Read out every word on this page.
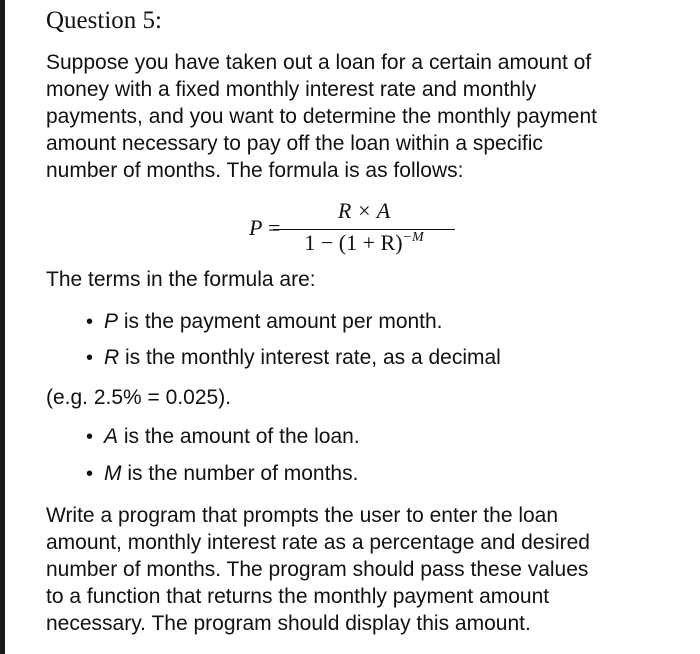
Question 5:

Suppose you have taken out a loan for a certain amount of
money with a fixed monthly interest rate and monthly
payments, and you want to determine the monthly payment
amount necessary to pay off the loan within a specific
number of months. The formula is as follows:

P =
R × A
$1 - (1 + R)^{-M}$
The terms in the formula are:
• P is the payment amount per month.
• R is the monthly interest rate, as a decimal
(e.g. 2.5% = 0.025).
• A is the amount of the loan.
• M is the number of months.

Write a program that prompts the user to enter the loan
amount, monthly interest rate as a percentage and desired
number of months. The program should pass these values
to a function that returns the monthly payment amount
necessary. The program should display this amount.
